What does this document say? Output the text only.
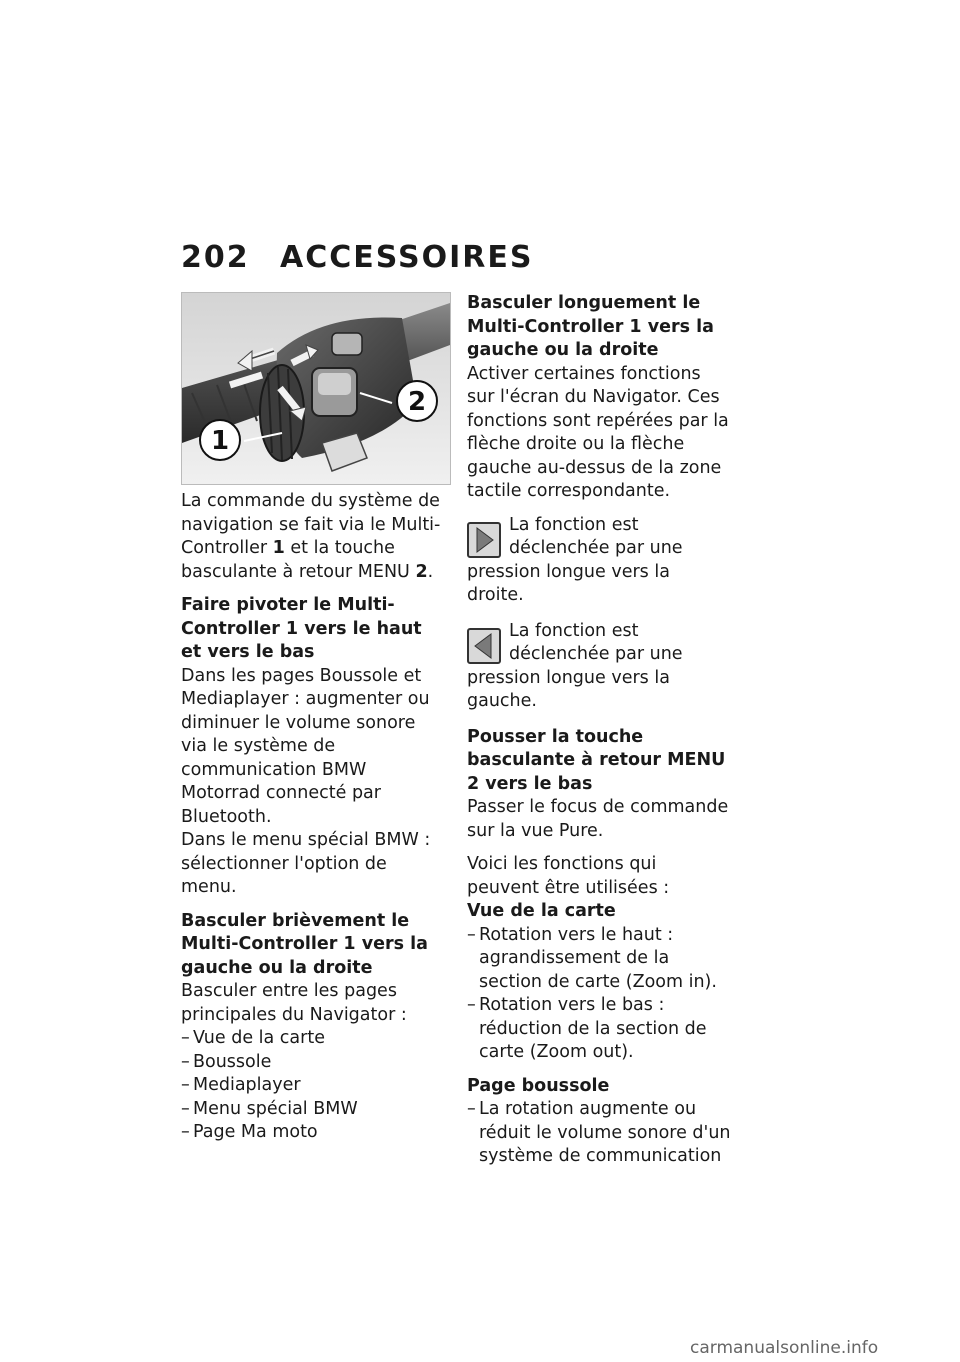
202 ACCESSOIRES
1
2

La commande du système de navigation se fait via le Multi-Controller 1 et la touche basculante à retour MENU 2.

Faire pivoter le Multi-Controller 1 vers le haut et vers le bas

Dans les pages Boussole et Mediaplayer : augmenter ou diminuer le volume sonore via le système de communication BMW Motorrad connecté par Bluetooth.

Dans le menu spécial BMW : sélectionner l'option de menu.

Basculer brièvement le Multi-Controller 1 vers la gauche ou la droite

Basculer entre les pages principales du Navigator :

– Vue de la carte
– Boussole
– Mediaplayer
– Menu spécial BMW
– Page Ma moto

Basculer longuement le Multi-Controller 1 vers la gauche ou la droite

Activer certaines fonctions sur l'écran du Navigator. Ces fonctions sont repérées par la flèche droite ou la flèche gauche au-dessus de la zone tactile correspondante.

La fonction est déclenchée par une pression longue vers la droite.

La fonction est déclenchée par une pression longue vers la gauche.

Pousser la touche basculante à retour MENU 2 vers le bas

Passer le focus de commande sur la vue Pure.

Voici les fonctions qui peuvent être utilisées :

Vue de la carte

– Rotation vers le haut : agrandissement de la section de carte (Zoom in).
– Rotation vers le bas : réduction de la section de carte (Zoom out).

Page boussole

– La rotation augmente ou réduit le volume sonore d'un système de communication
carmanualsonline.info
